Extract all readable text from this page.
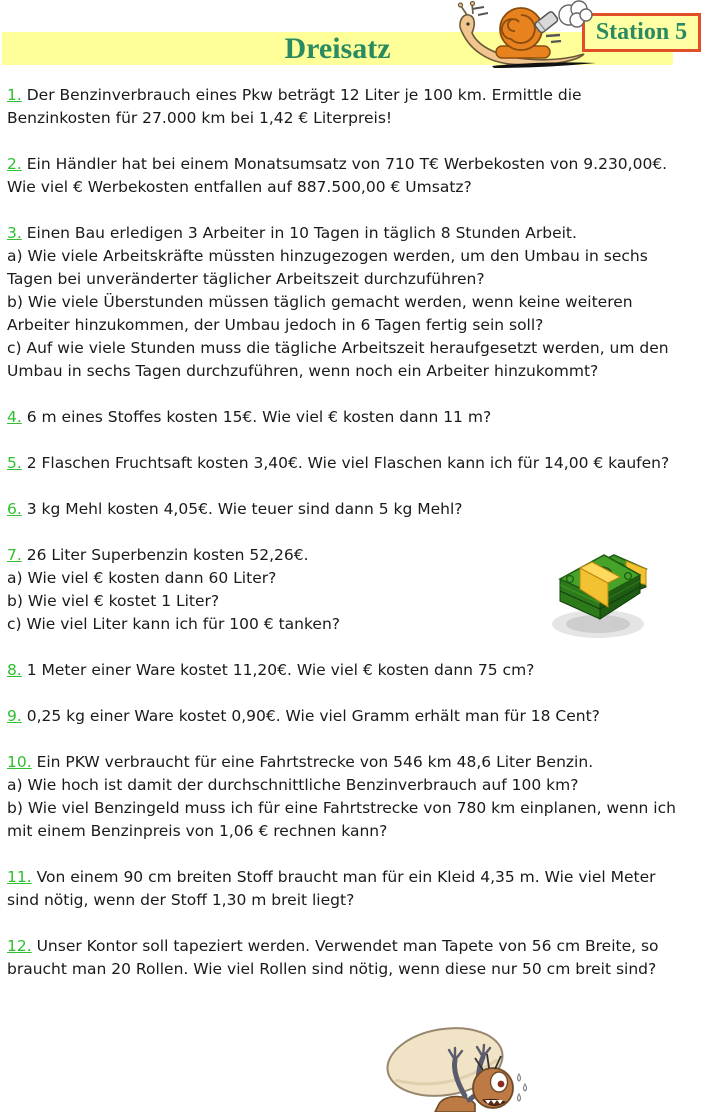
Dreisatz	Station 5

1. Der Benzinverbrauch eines Pkw beträgt 12 Liter je 100 km. Ermittle die Benzinkosten für 27.000 km bei 1,42 € Literpreis!

2. Ein Händler hat bei einem Monatsumsatz von 710 T€ Werbekosten von 9.230,00€. Wie viel € Werbekosten entfallen auf 887.500,00 € Umsatz?

3. Einen Bau erledigen 3 Arbeiter in 10 Tagen in täglich 8 Stunden Arbeit.

a) Wie viele Arbeitskräfte müssten hinzugezogen werden, um den Umbau in sechs Tagen bei unveränderter täglicher Arbeitszeit durchzuführen?

b) Wie viele Überstunden müssen täglich gemacht werden, wenn keine weiteren Arbeiter hinzukommen, der Umbau jedoch in 6 Tagen fertig sein soll?

c) Auf wie viele Stunden muss die tägliche Arbeitszeit heraufgesetzt werden, um den Umbau in sechs Tagen durchzuführen, wenn noch ein Arbeiter hinzukommt?

4. 6 m eines Stoffes kosten 15€. Wie viel € kosten dann 11 m?

5. 2 Flaschen Fruchtsaft kosten 3,40€. Wie viel Flaschen kann ich für 14,00 € kaufen?

6. 3 kg Mehl kosten 4,05€. Wie teuer sind dann 5 kg Mehl?

7. 26 Liter Superbenzin kosten 52,26€.

a) Wie viel € kosten dann 60 Liter?

b) Wie viel € kostet 1 Liter?

c) Wie viel Liter kann ich für 100 € tanken?

8. 1 Meter einer Ware kostet 11,20€. Wie viel € kosten dann 75 cm?

9. 0,25 kg einer Ware kostet 0,90€. Wie viel Gramm erhält man für 18 Cent?

10. Ein PKW verbraucht für eine Fahrtstrecke von 546 km 48,6 Liter Benzin.

a) Wie hoch ist damit der durchschnittliche Benzinverbrauch auf 100 km?

b) Wie viel Benzingeld muss ich für eine Fahrtstrecke von 780 km einplanen, wenn ich mit einem Benzinpreis von 1,06 € rechnen kann?

11. Von einem 90 cm breiten Stoff braucht man für ein Kleid 4,35 m. Wie viel Meter sind nötig, wenn der Stoff 1,30 m breit liegt?

12. Unser Kontor soll tapeziert werden. Verwendet man Tapete von 56 cm Breite, so braucht man 20 Rollen. Wie viel Rollen sind nötig, wenn diese nur 50 cm breit sind?
